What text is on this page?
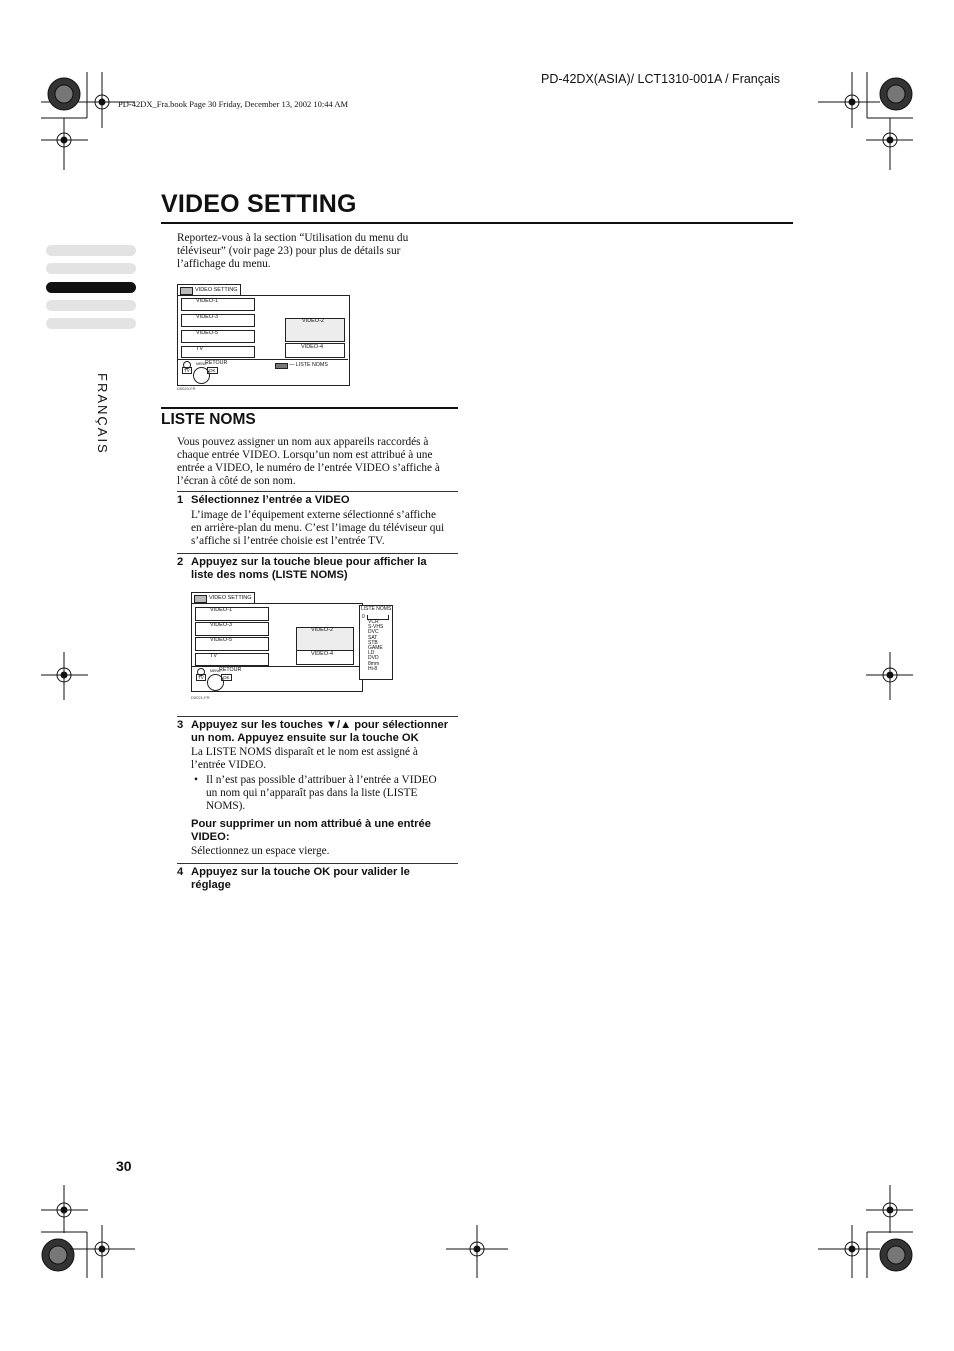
PD-42DX(ASIA)/ LCT1310-001A / Français
PD-42DX_Fra.book Page 30 Friday, December 13, 2002 10:44 AM
VIDEO SETTING
FRANÇAIS
Reportez-vous à la section “Utilisation du menu du
téléviseur” (voir page 23) pour plus de détails sur
l’affichage du menu.
VIDEO SETTING
VIDEO-1
VIDEO-3
VIDEO-5
TV
VIDEO-2
VIDEO-4
RETOUR
MENU
TV	OK
— LISTE NOMS
D0020-FR
LISTE NOMS
Vous pouvez assigner un nom aux appareils raccordés à
chaque entrée VIDEO. Lorsqu’un nom est attribué à une
entrée a VIDEO, le numéro de l’entrée VIDEO s’affiche à
l’écran à côté de son nom.
1 Sélectionnez l’entrée a VIDEO
L’image de l’équipement externe sélectionné s’affiche
en arrière-plan du menu. C’est l’image du téléviseur qui
s’affiche si l’entrée choisie est l’entrée TV.
2 Appuyez sur la touche bleue pour afficher la
liste des noms (LISTE NOMS)
VIDEO SETTING
VIDEO-1
VIDEO-3
VIDEO-5
TV
VIDEO-2
VIDEO-4
RETOUR
MENU
TV	OK
D0021-FR
LISTE NOMS
0
VCR
S-VHS
DVC
SAT
STB
GAME
LD
DVD
8mm
Hi-8
3 Appuyez sur les touches ▼/▲ pour sélectionner
un nom. Appuyez ensuite sur la touche OK
La LISTE NOMS disparaît et le nom est assigné à
l’entrée VIDEO.
• Il n’est pas possible d’attribuer à l’entrée a VIDEO
un nom qui n’apparaît pas dans la liste (LISTE
NOMS).
Pour supprimer un nom attribué à une entrée
VIDEO:
Sélectionnez un espace vierge.
4 Appuyez sur la touche OK pour valider le
réglage
30
